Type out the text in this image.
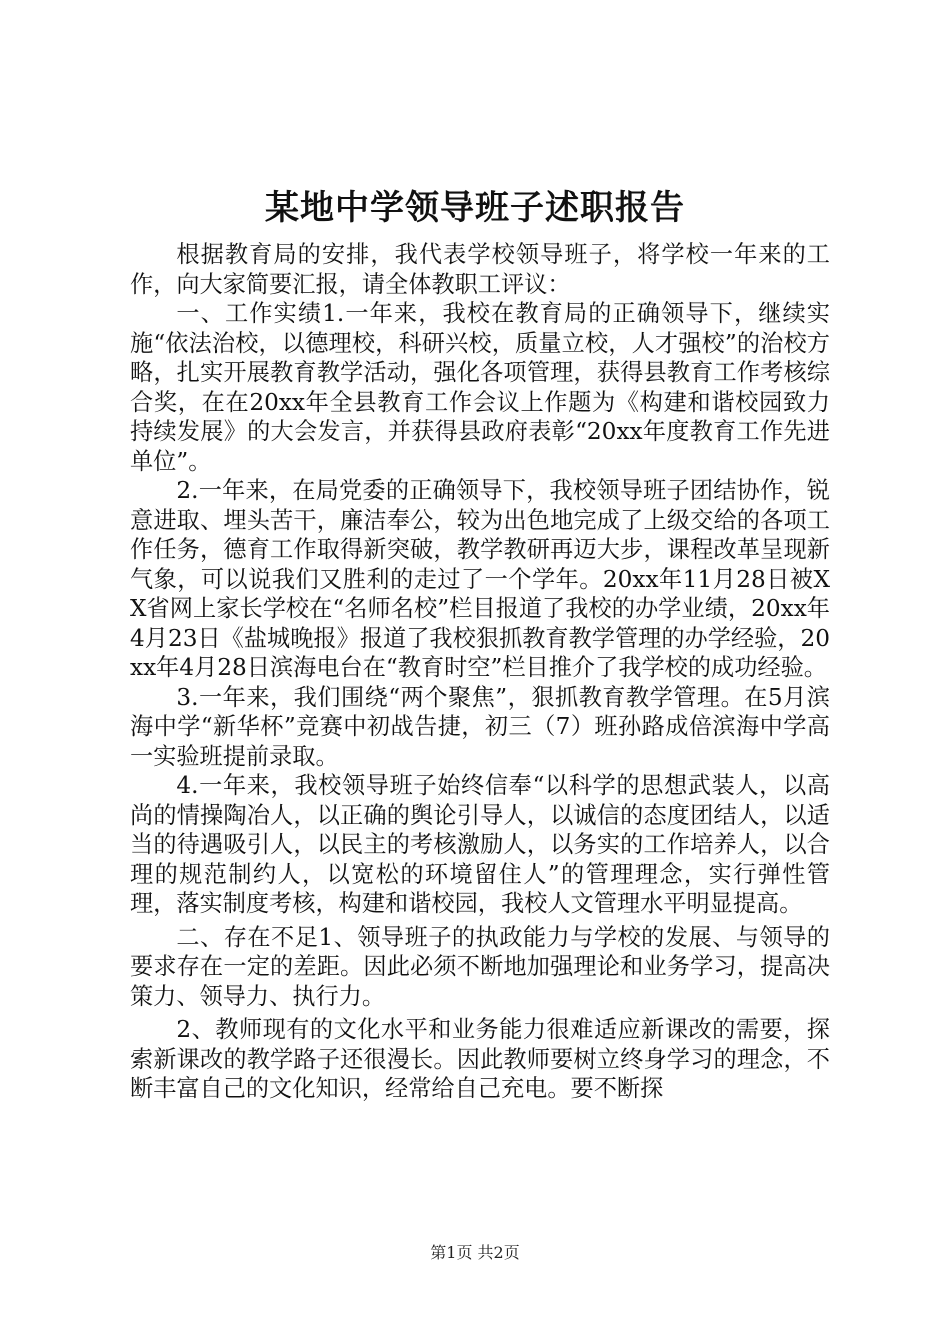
某地中学领导班子述职报告

根据教育局的安排，我代表学校领导班子，将学校一年来的工作，向大家简要汇报，请全体教职工评议：

一、工作实绩1.一年来，我校在教育局的正确领导下，继续实施“依法治校，以德理校，科研兴校，质量立校，人才强校”的治校方略，扎实开展教育教学活动，强化各项管理，获得县教育工作考核综合奖，在在20xx年全县教育工作会议上作题为《构建和谐校园致力持续发展》的大会发言，并获得县政府表彰“20xx年度教育工作先进单位”。

2.一年来，在局党委的正确领导下，我校领导班子团结协作，锐意进取、埋头苦干，廉洁奉公，较为出色地完成了上级交给的各项工作任务，德育工作取得新突破，教学教研再迈大步，课程改革呈现新气象，可以说我们又胜利的走过了一个学年。20xx年11月28日被XX省网上家长学校在“名师名校”栏目报道了我校的办学业绩，20xx年4月23日《盐城晚报》报道了我校狠抓教育教学管理的办学经验，20xx年4月28日滨海电台在“教育时空”栏目推介了我学校的成功经验。

3.一年来，我们围绕“两个聚焦”，狠抓教育教学管理。在5月滨海中学“新华杯”竞赛中初战告捷，初三（7）班孙路成倍滨海中学高一实验班提前录取。

4.一年来，我校领导班子始终信奉“以科学的思想武装人，以高尚的情操陶冶人，以正确的舆论引导人，以诚信的态度团结人，以适当的待遇吸引人，以民主的考核激励人，以务实的工作培养人，以合理的规范制约人，以宽松的环境留住人”的管理理念，实行弹性管理，落实制度考核，构建和谐校园，我校人文管理水平明显提高。

二、存在不足1、领导班子的执政能力与学校的发展、与领导的要求存在一定的差距。因此必须不断地加强理论和业务学习，提高决策力、领导力、执行力。

2、教师现有的文化水平和业务能力很难适应新课改的需要，探索新课改的教学路子还很漫长。因此教师要树立终身学习的理念，不断丰富自己的文化知识，经常给自己充电。要不断探

第1页 共2页
